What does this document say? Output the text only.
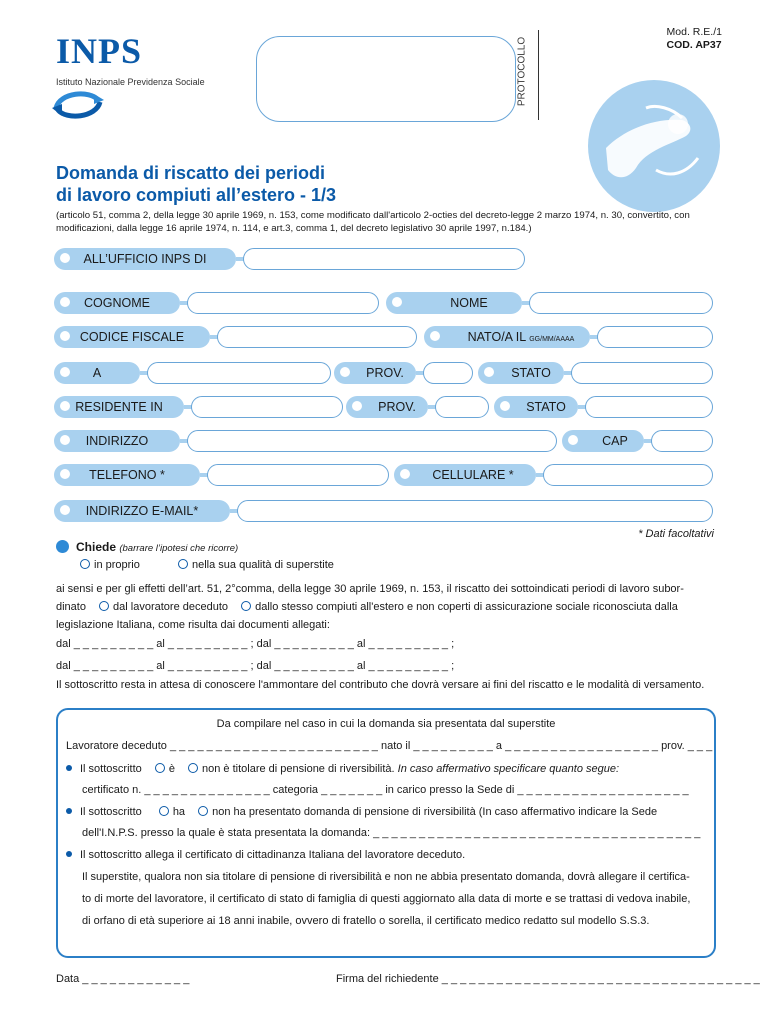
INPS
Istituto Nazionale Previdenza Sociale	PROTOCOLLO
Mod. R.E./1
COD. AP37
Domanda di riscatto dei periodi
di lavoro compiuti all’estero - 1/3
(articolo 51, comma 2, della legge 30 aprile 1969, n. 153, come modificato dall'articolo 2-octies del decreto-legge 2 marzo 1974, n. 30, convertito, con modificazioni, dalla legge 16 aprile 1974, n. 114, e art.3, comma 1, del decreto legislativo 30 aprile 1997, n.184.)
ALL’UFFICIO INPS DI
COGNOME	NOME
CODICE FISCALE	NATO/A IL GG/MM/AAAA
A	PROV.	STATO
RESIDENTE IN	PROV.	STATO
INDIRIZZO	CAP
TELEFONO *	CELLULARE *
INDIRIZZO E-MAIL*
* Dati facoltativi
Chiede (barrare l’ipotesi che ricorre)
in proprio	nella sua qualità di superstite
ai sensi e per gli effetti dell’art. 51, 2°comma, della legge 30 aprile 1969, n. 153, il riscatto dei sottoindicati periodi di lavoro subor-
dinato dal lavoratore deceduto dallo stesso compiuti all'estero e non coperti di assicurazione sociale riconosciuta dalla
legislazione Italiana, come risulta dai documenti allegati:
dal _ _ _ _ _ _ _ _ _ al _ _ _ _ _ _ _ _ _ ; dal _ _ _ _ _ _ _ _ _ al _ _ _ _ _ _ _ _ _ ;
dal _ _ _ _ _ _ _ _ _ al _ _ _ _ _ _ _ _ _ ; dal _ _ _ _ _ _ _ _ _ al _ _ _ _ _ _ _ _ _ ;
Il sottoscritto resta in attesa di conoscere l'ammontare del contributo che dovrà versare ai fini del riscatto e le modalità di versamento.
Da compilare nel caso in cui la domanda sia presentata dal superstite
Lavoratore deceduto _ _ _ _ _ _ _ _ _ _ _ _ _ _ _ _ _ _ _ _ _ _ _ nato il _ _ _ _ _ _ _ _ _ a _ _ _ _ _ _ _ _ _ _ _ _ _ _ _ _ _ prov. _ _ _
Il sottoscritto è non è titolare di pensione di riversibilità. In caso affermativo specificare quanto segue:
certificato n. _ _ _ _ _ _ _ _ _ _ _ _ _ _ categoria _ _ _ _ _ _ _ in carico presso la Sede di _ _ _ _ _ _ _ _ _ _ _ _ _ _ _ _ _ _ _
Il sottoscritto	ha non ha presentato domanda di pensione di riversibilità (In caso affermativo indicare la Sede
dell'I.N.P.S. presso la quale è stata presentata la domanda: _ _ _ _ _ _ _ _ _ _ _ _ _ _ _ _ _ _ _ _ _ _ _ _ _ _ _ _ _ _ _ _ _ _ _ _
Il sottoscritto allega il certificato di cittadinanza Italiana del lavoratore deceduto.
Il superstite, qualora non sia titolare di pensione di riversibilità e non ne abbia presentato domanda, dovrà allegare il certifica-
to di morte del lavoratore, il certificato di stato di famiglia di questi aggiornato alla data di morte e se trattasi di vedova inabile,
di orfano di età superiore ai 18 anni inabile, ovvero di fratello o sorella, il certificato medico redatto sul modello S.S.3.
Data _ _ _ _ _ _ _ _ _ _ _ _	Firma del richiedente _ _ _ _ _ _ _ _ _ _ _ _ _ _ _ _ _ _ _ _ _ _ _ _ _ _ _ _ _ _ _ _ _ _ _
